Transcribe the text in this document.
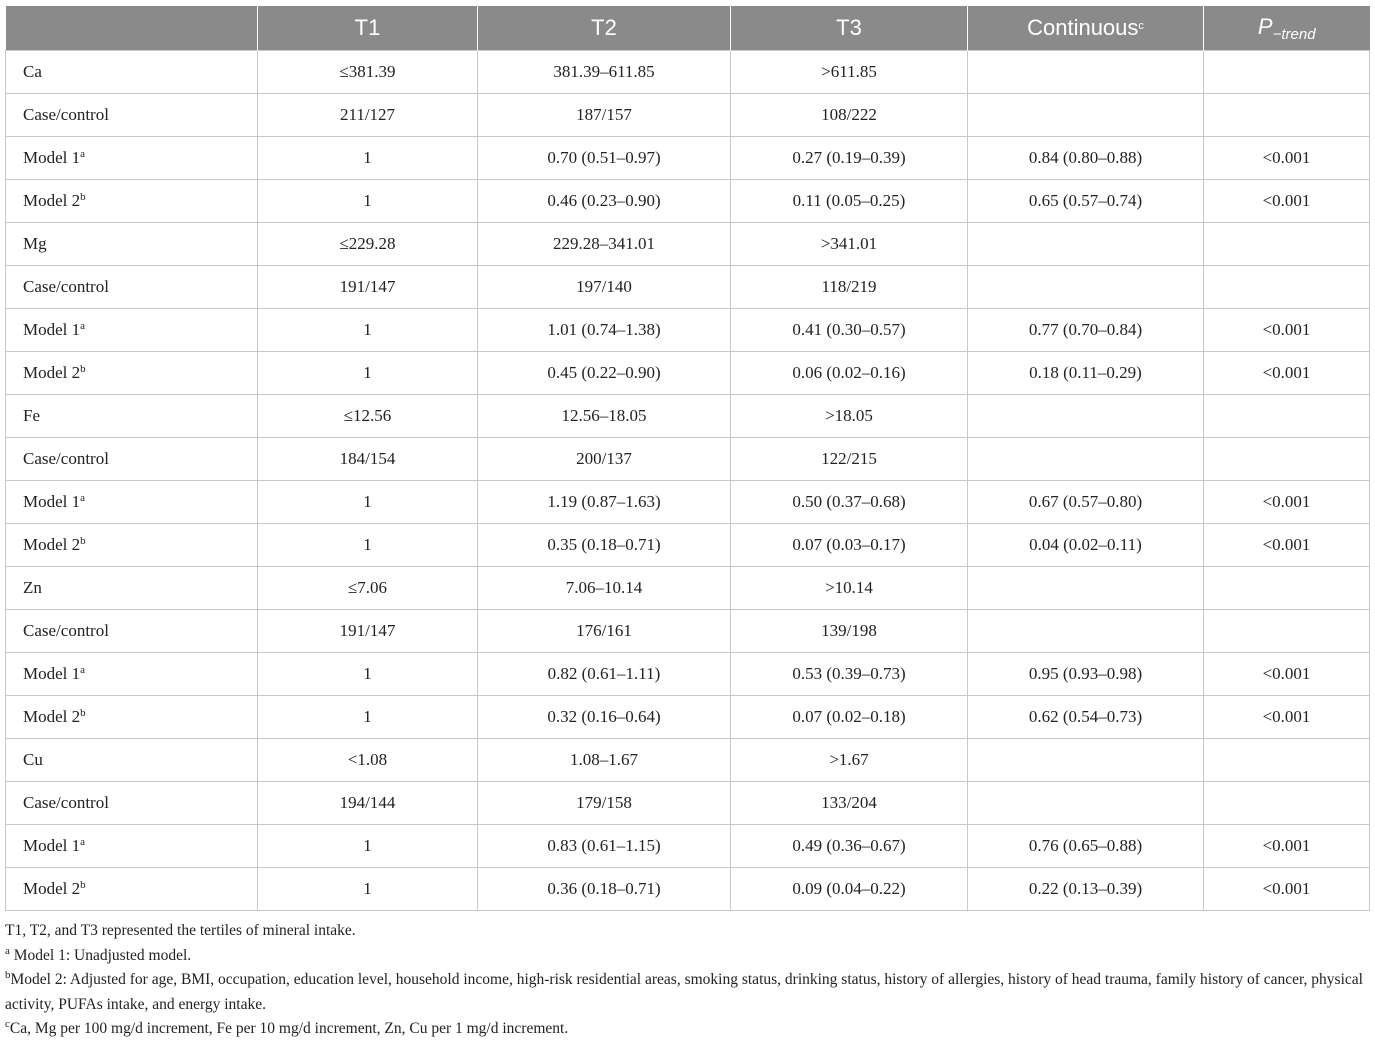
	T1	T2	T3	Continuous$^c$	$P_{-trend}$
Ca	≤381.39	381.39–611.85	>611.85		
Case/control	211/127	187/157	108/222		
Model 1$^a$	1	0.70 (0.51–0.97)	0.27 (0.19–0.39)	0.84 (0.80–0.88)	<0.001
Model 2$^b$	1	0.46 (0.23–0.90)	0.11 (0.05–0.25)	0.65 (0.57–0.74)	<0.001
Mg	≤229.28	229.28–341.01	>341.01		
Case/control	191/147	197/140	118/219		
Model 1$^a$	1	1.01 (0.74–1.38)	0.41 (0.30–0.57)	0.77 (0.70–0.84)	<0.001
Model 2$^b$	1	0.45 (0.22–0.90)	0.06 (0.02–0.16)	0.18 (0.11–0.29)	<0.001
Fe	≤12.56	12.56–18.05	>18.05		
Case/control	184/154	200/137	122/215		
Model 1$^a$	1	1.19 (0.87–1.63)	0.50 (0.37–0.68)	0.67 (0.57–0.80)	<0.001
Model 2$^b$	1	0.35 (0.18–0.71)	0.07 (0.03–0.17)	0.04 (0.02–0.11)	<0.001
Zn	≤7.06	7.06–10.14	>10.14		
Case/control	191/147	176/161	139/198		
Model 1$^a$	1	0.82 (0.61–1.11)	0.53 (0.39–0.73)	0.95 (0.93–0.98)	<0.001
Model 2$^b$	1	0.32 (0.16–0.64)	0.07 (0.02–0.18)	0.62 (0.54–0.73)	<0.001
Cu	<1.08	1.08–1.67	>1.67		
Case/control	194/144	179/158	133/204		
Model 1$^a$	1	0.83 (0.61–1.15)	0.49 (0.36–0.67)	0.76 (0.65–0.88)	<0.001
Model 2$^b$	1	0.36 (0.18–0.71)	0.09 (0.04–0.22)	0.22 (0.13–0.39)	<0.001

T1, T2, and T3 represented the tertiles of mineral intake.

$^a$ Model 1: Unadjusted model.

$^b$Model 2: Adjusted for age, BMI, occupation, education level, household income, high-risk residential areas, smoking status, drinking status, history of allergies, history of head trauma, family history of cancer, physical activity, PUFAs intake, and energy intake.

$^c$Ca, Mg per 100 mg/d increment, Fe per 10 mg/d increment, Zn, Cu per 1 mg/d increment.
